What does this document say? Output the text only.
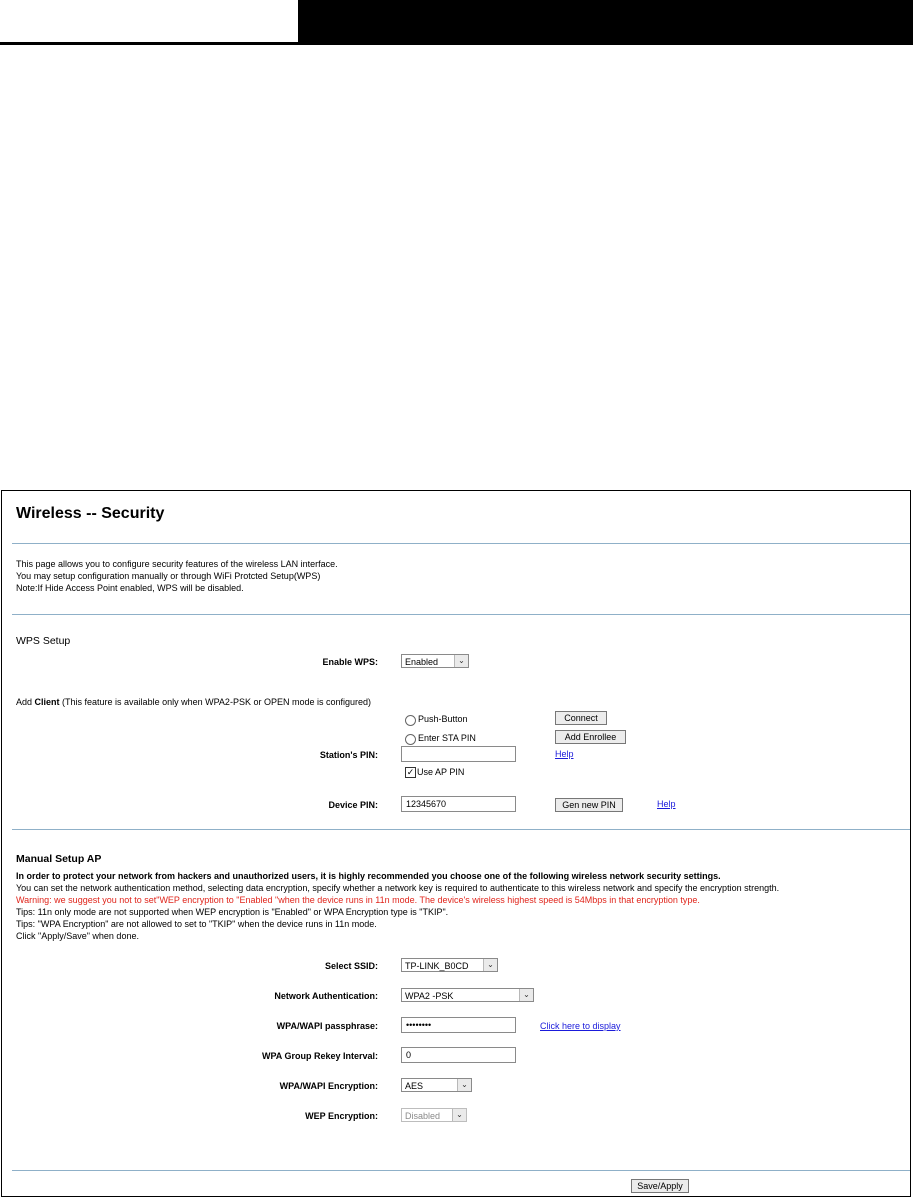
Wireless -- Security
This page allows you to configure security features of the wireless LAN interface.
You may setup configuration manually or through WiFi Protcted Setup(WPS)
Note:If Hide Access Point enabled, WPS will be disabled.
WPS Setup
Enable WPS:	Enabled	⌄
Add Client (This feature is available only when WPA2-PSK or OPEN mode is configured)
Push-Button	Connect
Enter STA PIN	Add Enrollee
Station's PIN:	Help
✓ Use AP PIN
Device PIN:	12345670	Gen new PIN	Help
Manual Setup AP
In order to protect your network from hackers and unauthorized users, it is highly recommended you choose one of the following wireless network security settings.
You can set the network authentication method, selecting data encryption, specify whether a network key is required to authenticate to this wireless network and specify the encryption strength.
Warning: we suggest you not to set"WEP encryption to "Enabled "when the device runs in 11n mode. The device's wireless highest speed is 54Mbps in that encryption type.
Tips: 11n only mode are not supported when WEP encryption is "Enabled" or WPA Encryption type is "TKIP".
Tips: "WPA Encryption" are not allowed to set to "TKIP" when the device runs in 11n mode.
Click "Apply/Save" when done.
Select SSID:	TP-LINK_B0CD	⌄
Network Authentication:	WPA2 -PSK	⌄
WPA/WAPI passphrase:	••••••••	Click here to display
WPA Group Rekey Interval:	0
WPA/WAPI Encryption:	AES	⌄
WEP Encryption:	Disabled	⌄
Save/Apply
